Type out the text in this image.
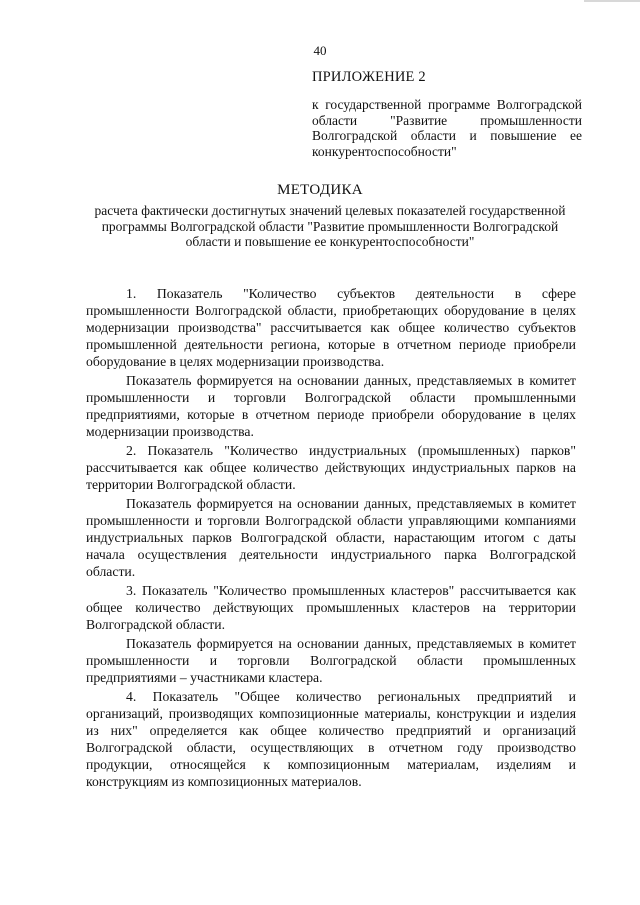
40
ПРИЛОЖЕНИЕ 2
к государственной программе Волгоградской области "Развитие промышленности Волгоградской области и повышение ее конкурентоспособности"
МЕТОДИКА
расчета фактически достигнутых значений целевых показателей государственной программы Волгоградской области "Развитие промышленности Волгоградской области и повышение ее конкурентоспособности"

1. Показатель "Количество субъектов деятельности в сфере промышленности Волгоградской области, приобретающих оборудование в целях модернизации производства" рассчитывается как общее количество субъектов промышленной деятельности региона, которые в отчетном периоде приобрели оборудование в целях модернизации производства.

Показатель формируется на основании данных, представляемых в комитет промышленности и торговли Волгоградской области промышленными предприятиями, которые в отчетном периоде приобрели оборудование в целях модернизации производства.

2. Показатель "Количество индустриальных (промышленных) парков" рассчитывается как общее количество действующих индустриальных парков на территории Волгоградской области.

Показатель формируется на основании данных, представляемых в комитет промышленности и торговли Волгоградской области управляющими компаниями индустриальных парков Волгоградской области, нарастающим итогом с даты начала осуществления деятельности индустриального парка Волгоградской области.

3. Показатель "Количество промышленных кластеров" рассчитывается как общее количество действующих промышленных кластеров на территории Волгоградской области.

Показатель формируется на основании данных, представляемых в комитет промышленности и торговли Волгоградской области промышленных предприятиями – участниками кластера.

4. Показатель "Общее количество региональных предприятий и организаций, производящих композиционные материалы, конструкции и изделия из них" определяется как общее количество предприятий и организаций Волгоградской области, осуществляющих в отчетном году производство продукции, относящейся к композиционным материалам, изделиям и конструкциям из композиционных материалов.
